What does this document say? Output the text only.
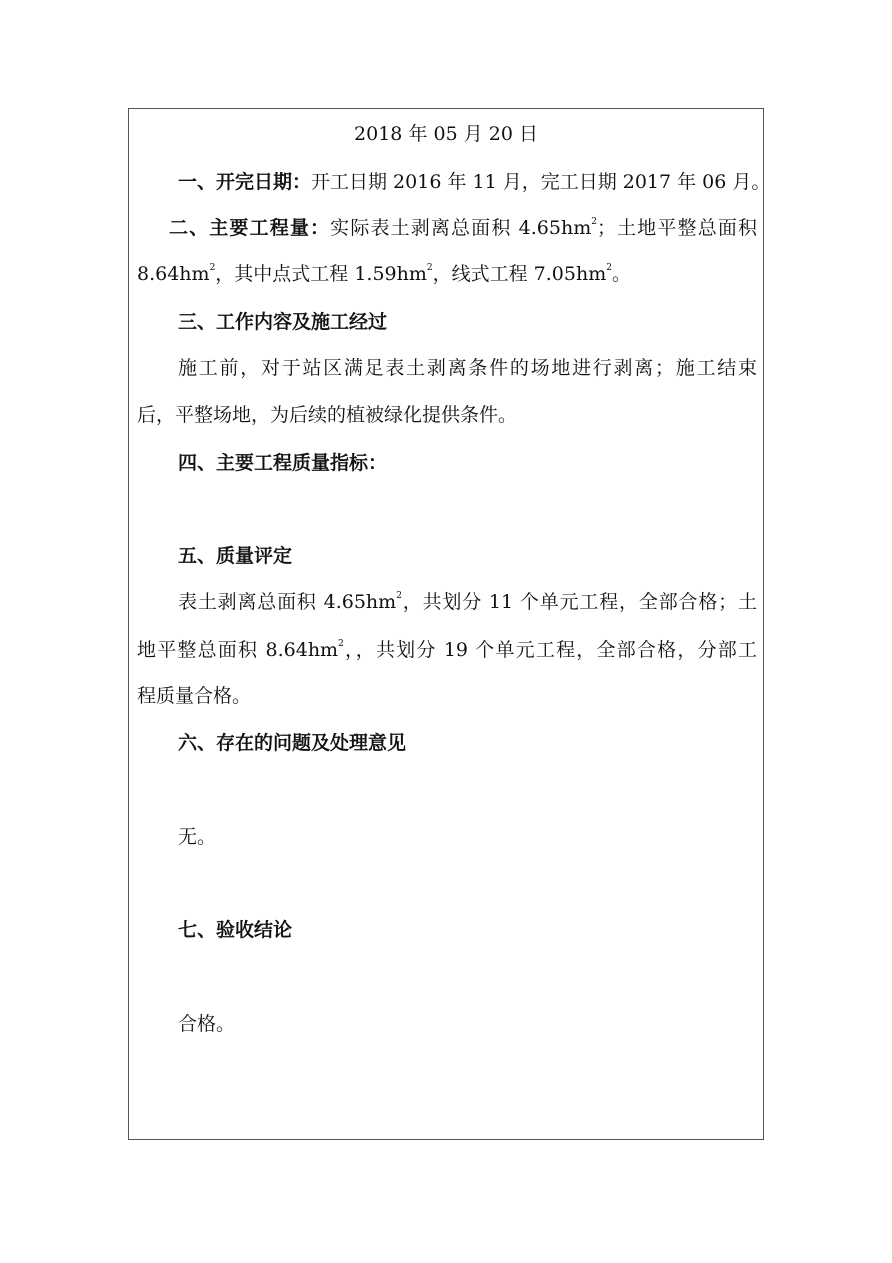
2018 年 05 月 20 日
一、开完日期：开工日期 2016 年 11 月，完工日期 2017 年 06 月。
二、主要工程量：实际表土剥离总面积 $4.65hm^2$；土地平整总面积
$8.64hm^2$，其中点式工程 $1.59hm^2$，线式工程 $7.05hm^2$。
三、工作内容及施工经过
施工前，对于站区满足表土剥离条件的场地进行剥离；施工结束
后，平整场地，为后续的植被绿化提供条件。
四、主要工程质量指标：
五、质量评定
表土剥离总面积 $4.65hm^2$，共划分 11 个单元工程，全部合格；土
地平整总面积 $8.64hm^2$，，共划分 19 个单元工程，全部合格，分部工
程质量合格。
六、存在的问题及处理意见
无。
七、验收结论
合格。
